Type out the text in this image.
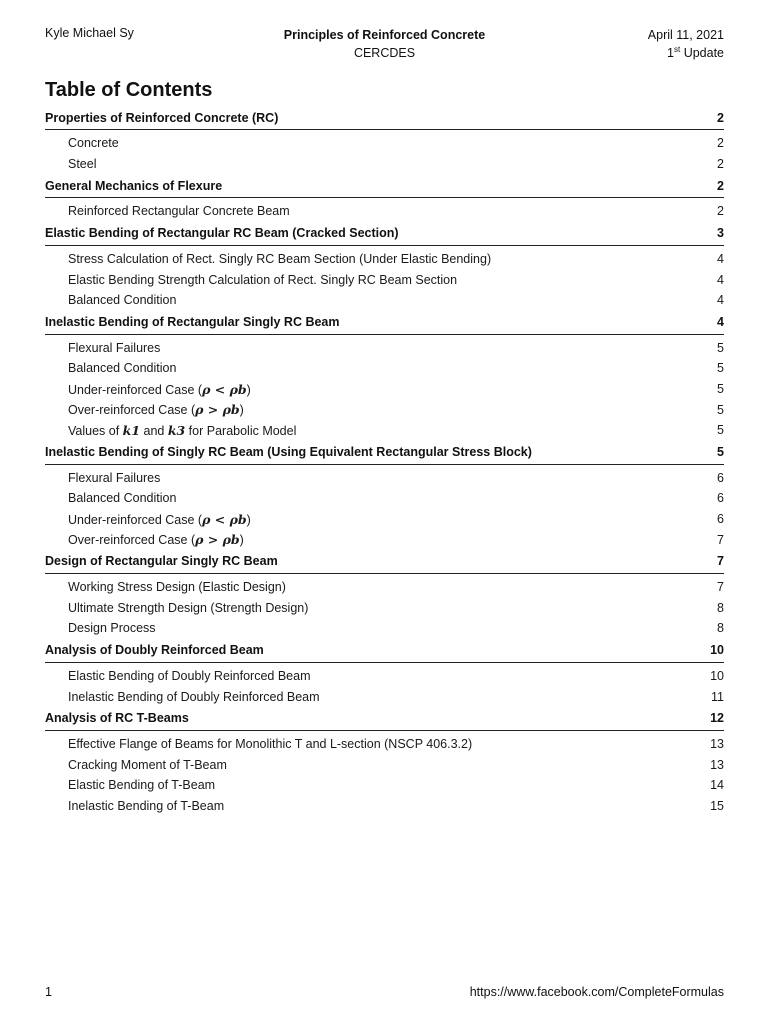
Kyle Michael Sy	Principles of Reinforced Concrete
CERCDES
April 11, 2021
1st Update
Table of Contents
Properties of Reinforced Concrete (RC)	2
Concrete	2
Steel	2
General Mechanics of Flexure	2
Reinforced Rectangular Concrete Beam	2
Elastic Bending of Rectangular RC Beam (Cracked Section)	3
Stress Calculation of Rect. Singly RC Beam Section (Under Elastic Bending)	4
Elastic Bending Strength Calculation of Rect. Singly RC Beam Section	4
Balanced Condition	4
Inelastic Bending of Rectangular Singly RC Beam	4
Flexural Failures	5
Balanced Condition	5
Under-reinforced Case (ρ < ρb)	5
Over-reinforced Case (ρ > ρb)	5
Values of k1 and k3 for Parabolic Model	5
Inelastic Bending of Singly RC Beam (Using Equivalent Rectangular Stress Block)	5
Flexural Failures	6
Balanced Condition	6
Under-reinforced Case (ρ < ρb)	6
Over-reinforced Case (ρ > ρb)	7
Design of Rectangular Singly RC Beam	7
Working Stress Design (Elastic Design)	7
Ultimate Strength Design (Strength Design)	8
Design Process	8
Analysis of Doubly Reinforced Beam	10
Elastic Bending of Doubly Reinforced Beam	10
Inelastic Bending of Doubly Reinforced Beam	11
Analysis of RC T-Beams	12
Effective Flange of Beams for Monolithic T and L-section (NSCP 406.3.2)	13
Cracking Moment of T-Beam	13
Elastic Bending of T-Beam	14
Inelastic Bending of T-Beam	15
1	https://www.facebook.com/CompleteFormulas
